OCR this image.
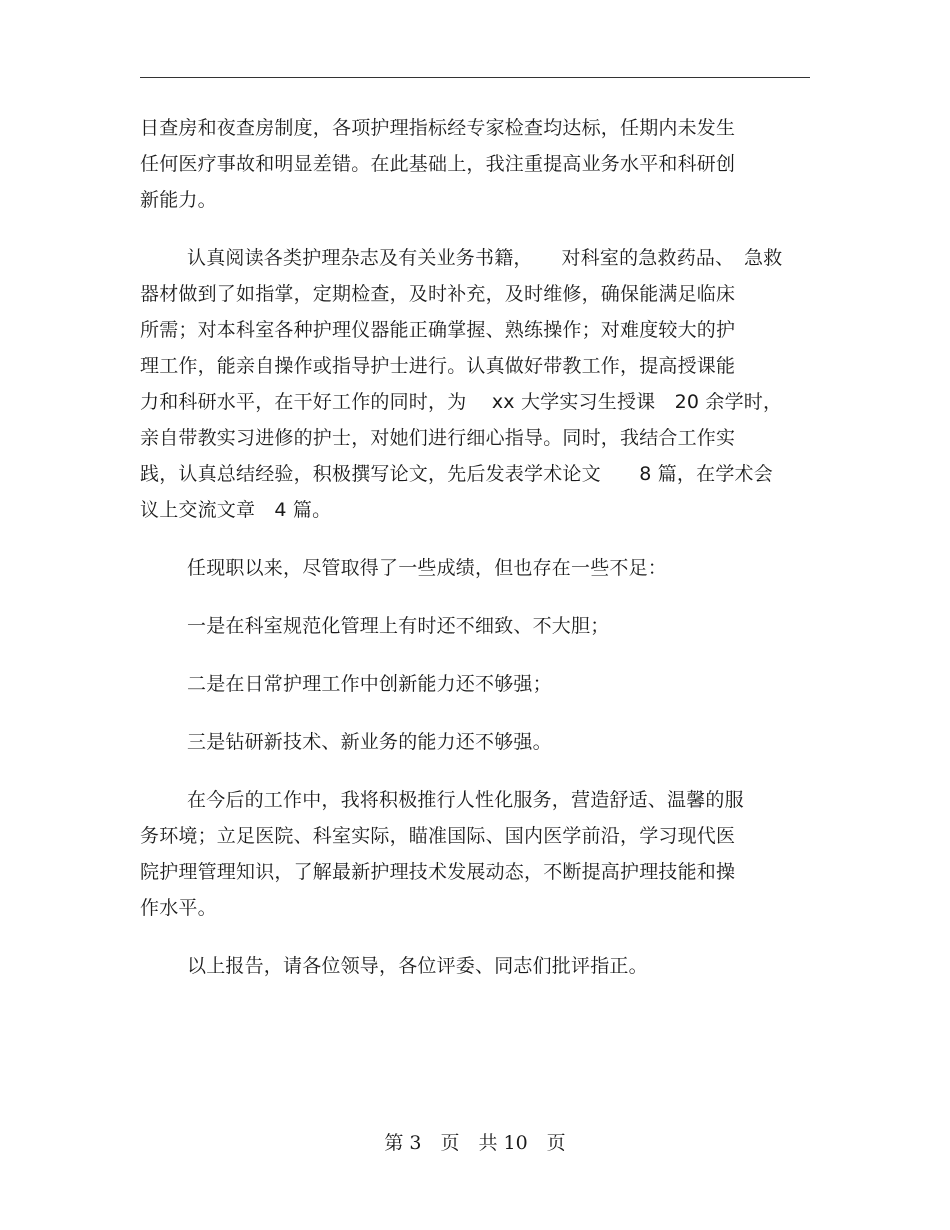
日查房和夜查房制度，各项护理指标经专家检查均达标，任期内未发生
任何医疗事故和明显差错。在此基础上，我注重提高业务水平和科研创
新能力。
认真阅读各类护理杂志及有关业务书籍，　　对科室的急救药品、　急救
器材做到了如指掌，定期检查，及时补充，及时维修，确保能满足临床
所需；对本科室各种护理仪器能正确掌握、熟练操作；对难度较大的护
理工作，能亲自操作或指导护士进行。认真做好带教工作，提高授课能
力和科研水平，在干好工作的同时，为　 xx 大学实习生授课　20 余学时，
亲自带教实习进修的护士，对她们进行细心指导。同时，我结合工作实
践，认真总结经验，积极撰写论文，先后发表学术论文　　8 篇，在学术会
议上交流文章　4 篇。
任现职以来，尽管取得了一些成绩，但也存在一些不足：
一是在科室规范化管理上有时还不细致、不大胆；
二是在日常护理工作中创新能力还不够强；
三是钻研新技术、新业务的能力还不够强。
在今后的工作中，我将积极推行人性化服务，营造舒适、温馨的服
务环境；立足医院、科室实际，瞄准国际、国内医学前沿，学习现代医
院护理管理知识，了解最新护理技术发展动态，不断提高护理技能和操
作水平。
以上报告，请各位领导，各位评委、同志们批评指正。
第 3　页　共 10　页
